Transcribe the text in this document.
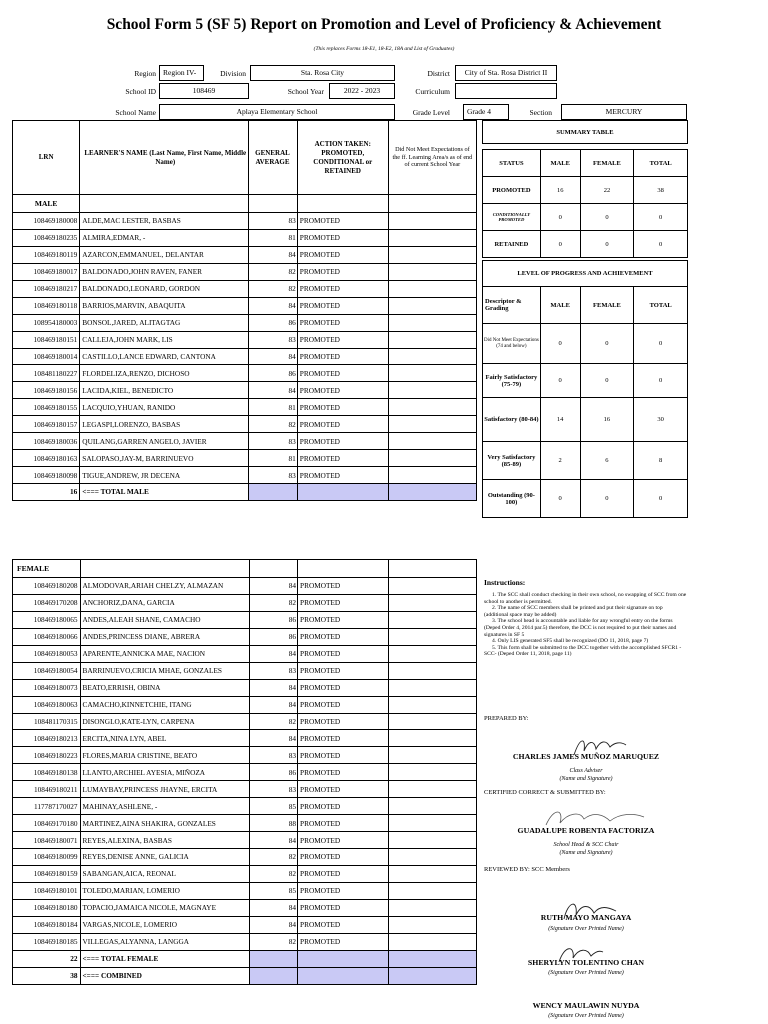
School Form 5 (SF 5) Report on Promotion and Level of Proficiency & Achievement
(This replaces Forms 18-E1, 18-E2, 18A and List of Graduates)
Region Region IV-	Division	Sta. Rosa City	District	City of Sta. Rosa District II
School ID	108469	School Year	2022 - 2023	Curriculum
School Name	Aplaya Elementary School	Grade Level	Grade 4	Section	MERCURY
LRN	LEARNER'S NAME (Last Name, First Name, Middle Name)	GENERAL AVERAGE	ACTION TAKEN: PROMOTED, CONDITIONAL or RETAINED	Did Not Meet Expectations of the ff. Learning Area/s as of end of current School Year
MALE				
108469180008	ALDE,MAC LESTER, BASBAS	83	PROMOTED	
108469180235	ALMIRA,EDMAR, -	81	PROMOTED	
108469180119	AZARCON,EMMANUEL, DELANTAR	84	PROMOTED	
108469180017	BALDONADO,JOHN RAVEN, FANER	82	PROMOTED	
108469180217	BALDONADO,LEONARD, GORDON	82	PROMOTED	
108469180118	BARRIOS,MARVIN, ABAQUITA	84	PROMOTED	
108954180003	BONSOL,JARED, ALITAGTAG	86	PROMOTED	
108469180151	CALLEJA,JOHN MARK, LIS	83	PROMOTED	
108469180014	CASTILLO,LANCE EDWARD, CANTONA	84	PROMOTED	
108481180227	FLORDELIZA,RENZO, DICHOSO	86	PROMOTED	
108469180156	LACIDA,KIEL, BENEDICTO	84	PROMOTED	
108469180155	LACQUIO,YHUAN, RANIDO	81	PROMOTED	
108469180157	LEGASPI,LORENZO, BASBAS	82	PROMOTED	
108469180036	QUILANG,GARREN ANGELO, JAVIER	83	PROMOTED	
108469180163	SALOPASO,JAY-M, BARRINUEVO	81	PROMOTED	
108469180098	TIGUE,ANDREW, JR DECENA	83	PROMOTED	
16	<=== TOTAL MALE			
FEMALE				
108469180208	ALMODOVAR,ARIAH CHELZY, ALMAZAN	84	PROMOTED	
108469170208	ANCHORIZ,DANA, GARCIA	82	PROMOTED	
108469180065	ANDES,ALEAH SHANE, CAMACHO	86	PROMOTED	
108469180066	ANDES,PRINCESS DIANE, ABRERA	86	PROMOTED	
108469180053	APARENTE,ANNICKA MAE, NACION	84	PROMOTED	
108469180054	BARRINUEVO,CRICIA MHAE, GONZALES	83	PROMOTED	
108469180073	BEATO,ERRISH, OBINA	84	PROMOTED	
108469180063	CAMACHO,KINNETCHIE, ITANG	84	PROMOTED	
108481170315	DISONGLO,KATE-LYN, CARPENA	82	PROMOTED	
108469180213	ERCITA,NINA LYN, ABEL	84	PROMOTED	
108469180223	FLORES,MARIA CRISTINE, BEATO	83	PROMOTED	
108469180138	LLANTO,ARCHIEL AYESIA, MIÑOZA	86	PROMOTED	
108469180211	LUMAYBAY,PRINCESS JHAYNE, ERCITA	83	PROMOTED	
117787170027	MAHINAY,ASHLENE, -	85	PROMOTED	
108469170180	MARTINEZ,AINA SHAKIRA, GONZALES	88	PROMOTED	
108469180071	REYES,ALEXINA, BASBAS	84	PROMOTED	
108469180099	REYES,DENISE ANNE, GALICIA	82	PROMOTED	
108469180159	SABANGAN,AICA, REONAL	82	PROMOTED	
108469180101	TOLEDO,MARIAN, LOMERIO	85	PROMOTED	
108469180180	TOPACIO,JAMAICA NICOLE, MAGNAYE	84	PROMOTED	
108469180184	VARGAS,NICOLE, LOMERIO	84	PROMOTED	
108469180185	VILLEGAS,ALYANNA, LANGGA	82	PROMOTED	
22	<=== TOTAL FEMALE			
38	<=== COMBINED			
SUMMARY TABLE			

STATUS	MALE	FEMALE	TOTAL
PROMOTED	16	22	38
CONDITIONALLY PROMOTED	0	0	0
RETAINED	0	0	0
LEVEL OF PROGRESS AND ACHIEVEMENT			
Descriptor & Grading	MALE	FEMALE	TOTAL
Did Not Meet Expectations (74 and below)	0	0	0
Fairly Satisfactory (75-79)	0	0	0
Satisfactory (80-84)	14	16	30
Very Satisfactory (85-89)	2	6	8
Outstanding (90-100)	0	0	0
Instructions:
1. The SCC shall conduct checking in their own school, no swapping of SCC from one school to another is permitted.
2. The name of SCC members shall be printed and put their signature on top (additional space may be added)
3. The school head is accountable and liable for any wrongful entry on the forms (Deped Order 4, 2014 par.5) therefore, the DCC is not required to put their names and signatures in SF 5
4. Only LIS generated SF5 shall be recognized (DO 11, 2018, page 7)
5. This form shall be submitted to the DCC together with the accomplished SFCR1 - SCC- (Deped Order 11, 2018, page 11)
PREPARED BY:
CHARLES JAMES MUÑOZ MARUQUEZ
Class Adviser
(Name and Signature)
CERTIFIED CORRECT & SUBMITTED BY:
GUADALUPE ROBENTA FACTORIZA
School Head & SCC Chair
(Name and Signature)
REVIEWED BY: SCC Members
RUTH MAYO MANGAYA
(Signature Over Printed Name)
SHERYLYN TOLENTINO CHAN
(Signature Over Printed Name)
WENCY MAULAWIN NUYDA
(Signature Over Printed Name)
